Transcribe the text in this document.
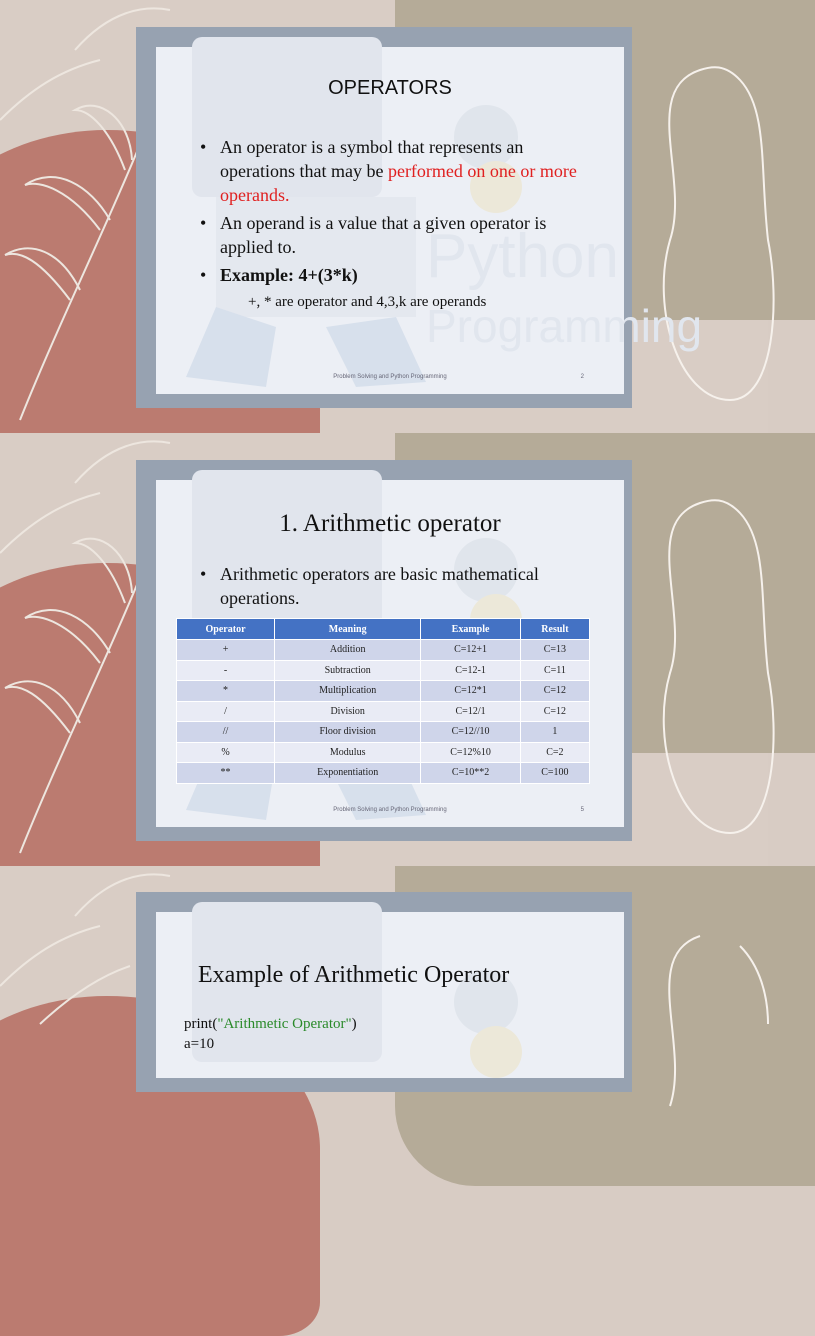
Python
Programming
OPERATORS
• An operator is a symbol that represents an operations that may be performed on one or more operands.
• An operand is a value that a given operator is applied to.
• Example: 4+(3*k)
+, * are operator and 4,3,k are operands
Problem Solving and Python Programming	2
1. Arithmetic operator
• Arithmetic operators are basic mathematical operations.
Operator	Meaning	Example	Result
+	Addition	C=12+1	C=13
-	Subtraction	C=12-1	C=11
*	Multiplication	C=12*1	C=12
/	Division	C=12/1	C=12
//	Floor division	C=12//10	1
%	Modulus	C=12%10	C=2
**	Exponentiation	C=10**2	C=100
Problem Solving and Python Programming	5
Example of Arithmetic Operator
print("Arithmetic Operator")
a=10
